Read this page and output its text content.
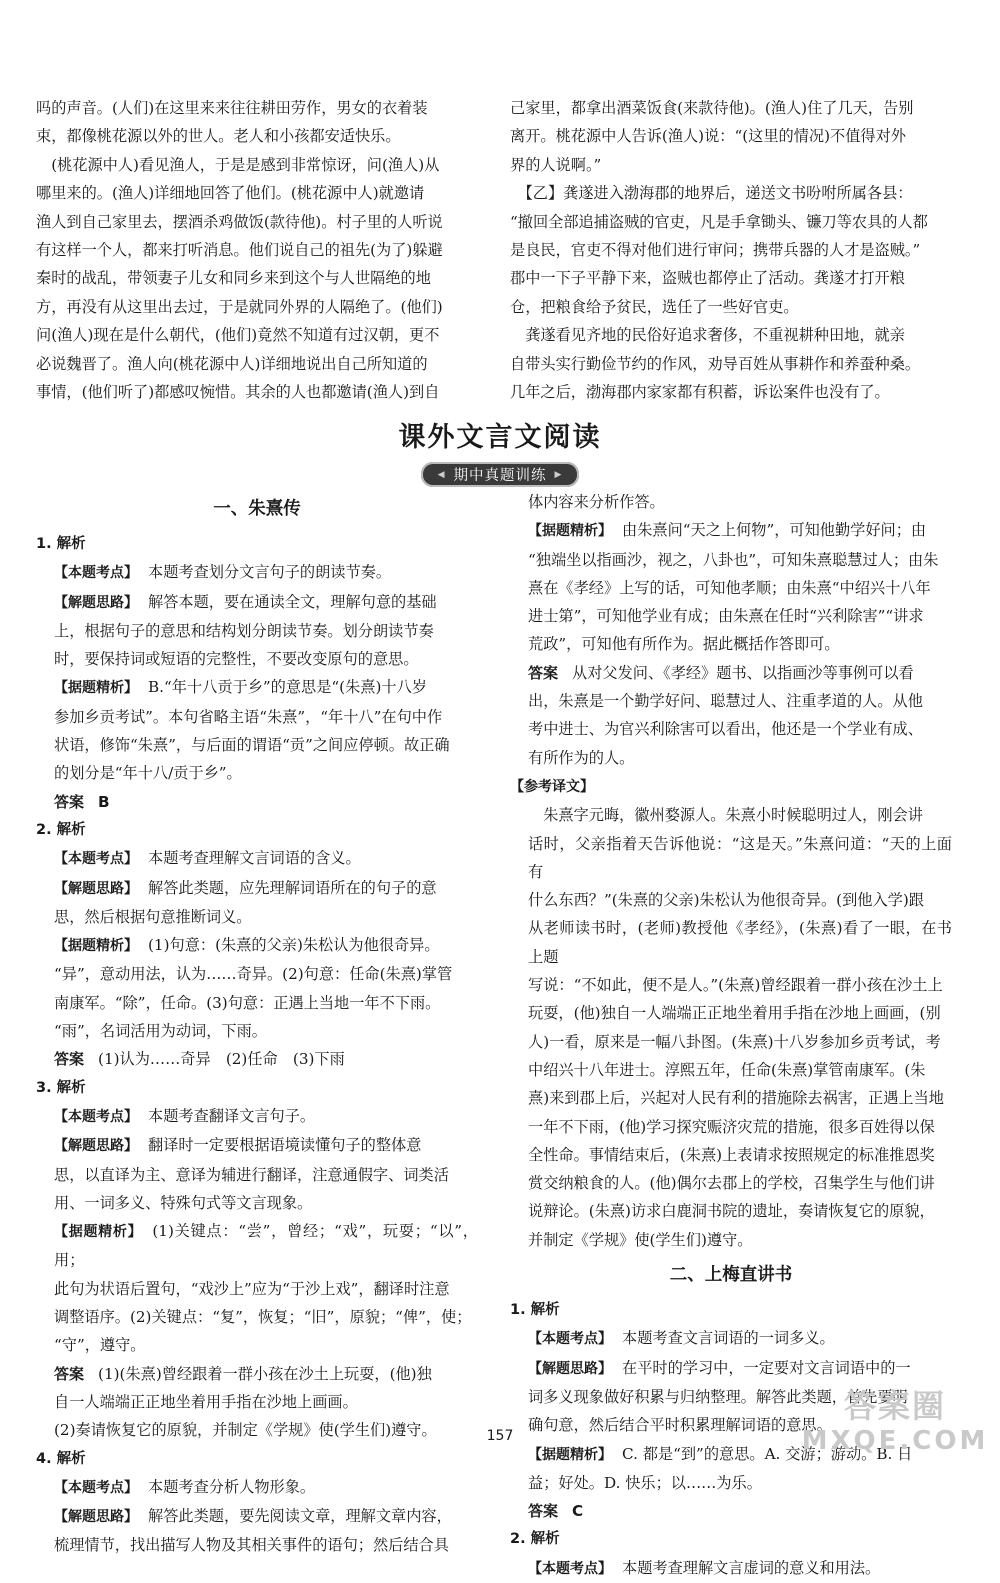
吗的声音。(人们)在这里来来往往耕田劳作，男女的衣着装

束，都像桃花源以外的世人。老人和小孩都安适快乐。

　(桃花源中人)看见渔人，于是是感到非常惊讶，问(渔人)从

哪里来的。(渔人)详细地回答了他们。(桃花源中人)就邀请

渔人到自己家里去，摆酒杀鸡做饭(款待他)。村子里的人听说

有这样一个人，都来打听消息。他们说自己的祖先(为了)躲避

秦时的战乱，带领妻子儿女和同乡来到这个与人世隔绝的地

方，再没有从这里出去过，于是就同外界的人隔绝了。(他们)

问(渔人)现在是什么朝代，(他们)竟然不知道有过汉朝，更不

必说魏晋了。渔人向(桃花源中人)详细地说出自己所知道的

事情，(他们听了)都感叹惋惜。其余的人也都邀请(渔人)到自

己家里，都拿出酒菜饭食(来款待他)。(渔人)住了几天，告别

离开。桃花源中人告诉(渔人)说：“(这里的情况)不值得对外

界的人说啊。”

　【乙】龚遂进入渤海郡的地界后，递送文书吩咐所属各县：

“撤回全部追捕盗贼的官吏，凡是手拿锄头、镰刀等农具的人都

是良民，官吏不得对他们进行审问；携带兵器的人才是盗贼。”

郡中一下子平静下来，盗贼也都停止了活动。龚遂才打开粮

仓，把粮食给予贫民，选任了一些好官吏。

　龚遂看见齐地的民俗好追求奢侈，不重视耕种田地，就亲

自带头实行勤俭节约的作风，劝导百姓从事耕作和养蚕种桑。

几年之后，渤海郡内家家都有积蓄，诉讼案件也没有了。

课外文言文阅读
◀ 期中真题训练 ▶

一、朱熹传

1. 解析

【本题考点】 本题考查划分文言句子的朗读节奏。

【解题思路】 解答本题，要在通读全文，理解句意的基础

上，根据句子的意思和结构划分朗读节奏。划分朗读节奏

时，要保持词或短语的完整性，不要改变原句的意思。

【据题精析】 B.“年十八贡于乡”的意思是“(朱熹)十八岁

参加乡贡考试”。本句省略主语“朱熹”，“年十八”在句中作

状语，修饰“朱熹”，与后面的谓语“贡”之间应停顿。故正确

的划分是“年十八/贡于乡”。

答案 B

2. 解析

【本题考点】 本题考查理解文言词语的含义。

【解题思路】 解答此类题，应先理解词语所在的句子的意

思，然后根据句意推断词义。

【据题精析】 (1)句意：(朱熹的父亲)朱松认为他很奇异。

“异”，意动用法，认为……奇异。(2)句意：任命(朱熹)掌管

南康军。“除”，任命。(3)句意：正遇上当地一年不下雨。

“雨”，名词活用为动词，下雨。

答案 (1)认为……奇异　(2)任命　(3)下雨

3. 解析

【本题考点】 本题考查翻译文言句子。

【解题思路】 翻译时一定要根据语境读懂句子的整体意

思，以直译为主、意译为辅进行翻译，注意通假字、词类活

用、一词多义、特殊句式等文言现象。

【据题精析】 (1)关键点：“尝”，曾经；“戏”，玩耍；“以”，用；

此句为状语后置句，“戏沙上”应为“于沙上戏”，翻译时注意

调整语序。(2)关键点：“复”，恢复；“旧”，原貌；“俾”，使；

“守”，遵守。

答案 (1)(朱熹)曾经跟着一群小孩在沙土上玩耍，(他)独

自一人端端正正地坐着用手指在沙地上画画。

(2)奏请恢复它的原貌，并制定《学规》使(学生们)遵守。

4. 解析

【本题考点】 本题考查分析人物形象。

【解题思路】 解答此类题，要先阅读文章，理解文章内容，

梳理情节，找出描写人物及其相关事件的语句；然后结合具

体内容来分析作答。

【据题精析】 由朱熹问“天之上何物”，可知他勤学好问；由

“独端坐以指画沙，视之，八卦也”，可知朱熹聪慧过人；由朱

熹在《孝经》上写的话，可知他孝顺；由朱熹“中绍兴十八年

进士第”，可知他学业有成；由朱熹在任时“兴利除害”“讲求

荒政”，可知他有所作为。据此概括作答即可。

答案 从对父发问、《孝经》题书、以指画沙等事例可以看

出，朱熹是一个勤学好问、聪慧过人、注重孝道的人。从他

考中进士、为官兴利除害可以看出，他还是一个学业有成、

有所作为的人。

【参考译文】

　朱熹字元晦，徽州婺源人。朱熹小时候聪明过人，刚会讲

话时，父亲指着天告诉他说：“这是天。”朱熹问道：“天的上面有

什么东西？”(朱熹的父亲)朱松认为他很奇异。(到他入学)跟

从老师读书时，(老师)教授他《孝经》，(朱熹)看了一眼，在书上题

写说：“不如此，便不是人。”(朱熹)曾经跟着一群小孩在沙土上

玩耍，(他)独自一人端端正正地坐着用手指在沙地上画画，(别

人)一看，原来是一幅八卦图。(朱熹)十八岁参加乡贡考试，考

中绍兴十八年进士。淳熙五年，任命(朱熹)掌管南康军。(朱

熹)来到郡上后，兴起对人民有利的措施除去祸害，正遇上当地

一年不下雨，(他)学习探究赈济灾荒的措施，很多百姓得以保

全性命。事情结束后，(朱熹)上表请求按照规定的标准推恩奖

赏交纳粮食的人。(他)偶尔去郡上的学校，召集学生与他们讲

说辩论。(朱熹)访求白鹿洞书院的遗址，奏请恢复它的原貌，

并制定《学规》使(学生们)遵守。

二、上梅直讲书

1. 解析

【本题考点】 本题考查文言词语的一词多义。

【解题思路】 在平时的学习中，一定要对文言词语中的一

词多义现象做好积累与归纳整理。解答此类题，首先要明

确句意，然后结合平时积累理解词语的意思。

【据题精析】 C. 都是“到”的意思。A. 交游；游动。B. 日

益；好处。D. 快乐；以……为乐。

答案 C

2. 解析

【本题考点】 本题考查理解文言虚词的意义和用法。

157
答案圈
MXQE.COM
